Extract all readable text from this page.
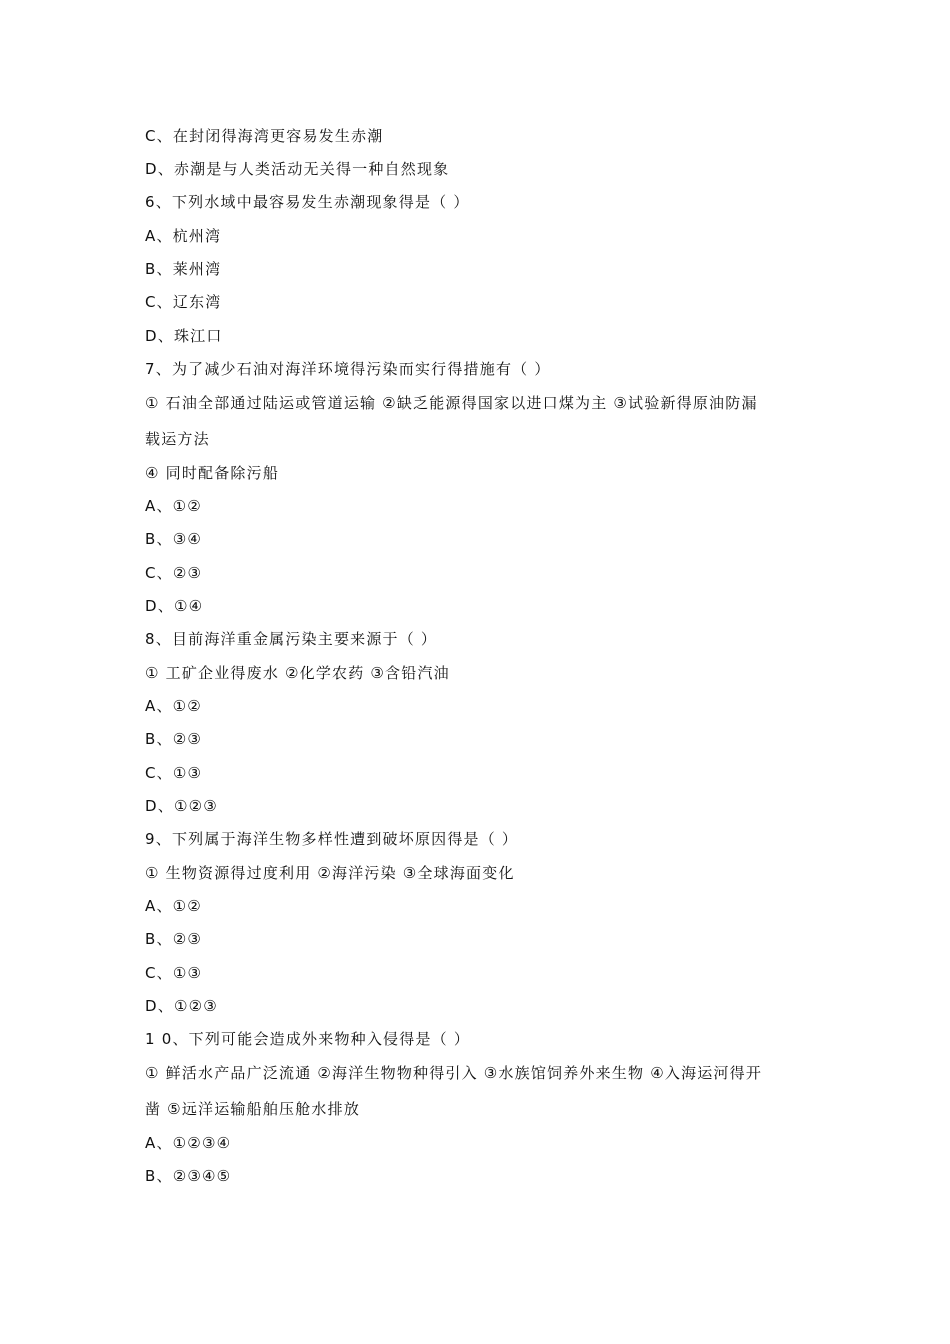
C、在封闭得海湾更容易发生赤潮
D、赤潮是与人类活动无关得一种自然现象
6、下列水域中最容易发生赤潮现象得是（ ）
A、杭州湾
B、莱州湾
C、辽东湾
D、珠江口
7、为了减少石油对海洋环境得污染而实行得措施有（ ）
① 石油全部通过陆运或管道运输 ②缺乏能源得国家以进口煤为主 ③试验新得原油防漏
载运方法
④ 同时配备除污船
A、①②
B、③④
C、②③
D、①④
8、目前海洋重金属污染主要来源于（ ）
① 工矿企业得废水 ②化学农药 ③含铅汽油
A、①②
B、②③
C、①③
D、①②③
9、下列属于海洋生物多样性遭到破坏原因得是（ ）
① 生物资源得过度利用 ②海洋污染 ③全球海面变化
A、①②
B、②③
C、①③
D、①②③
1 0、下列可能会造成外来物种入侵得是（ ）
① 鲜活水产品广泛流通 ②海洋生物物种得引入 ③水族馆饲养外来生物 ④入海运河得开
凿 ⑤远洋运输船舶压舱水排放
A、①②③④
B、②③④⑤
